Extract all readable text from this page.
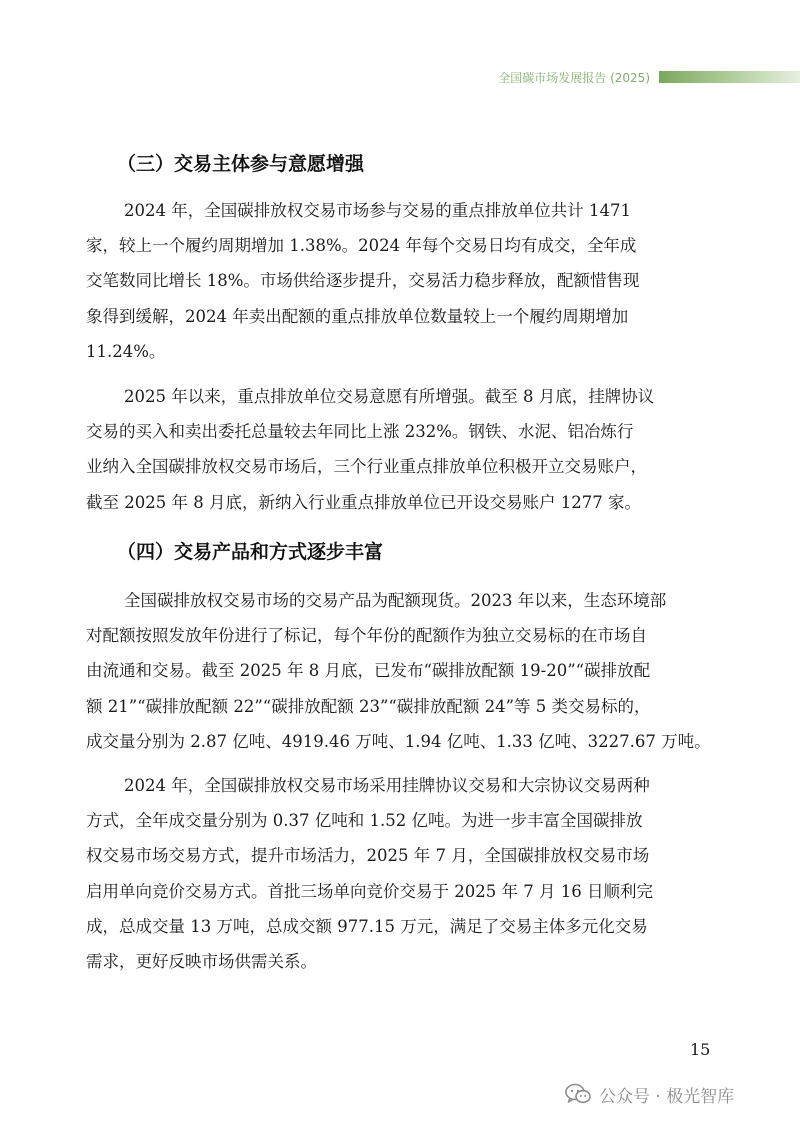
全国碳市场发展报告 (2025)
（三）交易主体参与意愿增强

2024 年，全国碳排放权交易市场参与交易的重点排放单位共计 1471
家，较上一个履约周期增加 1.38%。2024 年每个交易日均有成交，全年成
交笔数同比增长 18%。市场供给逐步提升，交易活力稳步释放，配额惜售现
象得到缓解，2024 年卖出配额的重点排放单位数量较上一个履约周期增加
11.24%。

2025 年以来，重点排放单位交易意愿有所增强。截至 8 月底，挂牌协议
交易的买入和卖出委托总量较去年同比上涨 232%。钢铁、水泥、铝冶炼行
业纳入全国碳排放权交易市场后，三个行业重点排放单位积极开立交易账户，
截至 2025 年 8 月底，新纳入行业重点排放单位已开设交易账户 1277 家。

（四）交易产品和方式逐步丰富

全国碳排放权交易市场的交易产品为配额现货。2023 年以来，生态环境部
对配额按照发放年份进行了标记，每个年份的配额作为独立交易标的在市场自
由流通和交易。截至 2025 年 8 月底，已发布“碳排放配额 19-20”“碳排放配
额 21”“碳排放配额 22”“碳排放配额 23”“碳排放配额 24”等 5 类交易标的，
成交量分别为 2.87 亿吨、4919.46 万吨、1.94 亿吨、1.33 亿吨、3227.67 万吨。

2024 年，全国碳排放权交易市场采用挂牌协议交易和大宗协议交易两种
方式，全年成交量分别为 0.37 亿吨和 1.52 亿吨。为进一步丰富全国碳排放
权交易市场交易方式，提升市场活力，2025 年 7 月，全国碳排放权交易市场
启用单向竞价交易方式。首批三场单向竞价交易于 2025 年 7 月 16 日顺利完
成，总成交量 13 万吨，总成交额 977.15 万元，满足了交易主体多元化交易
需求，更好反映市场供需关系。

15
公众号 · 极光智库
